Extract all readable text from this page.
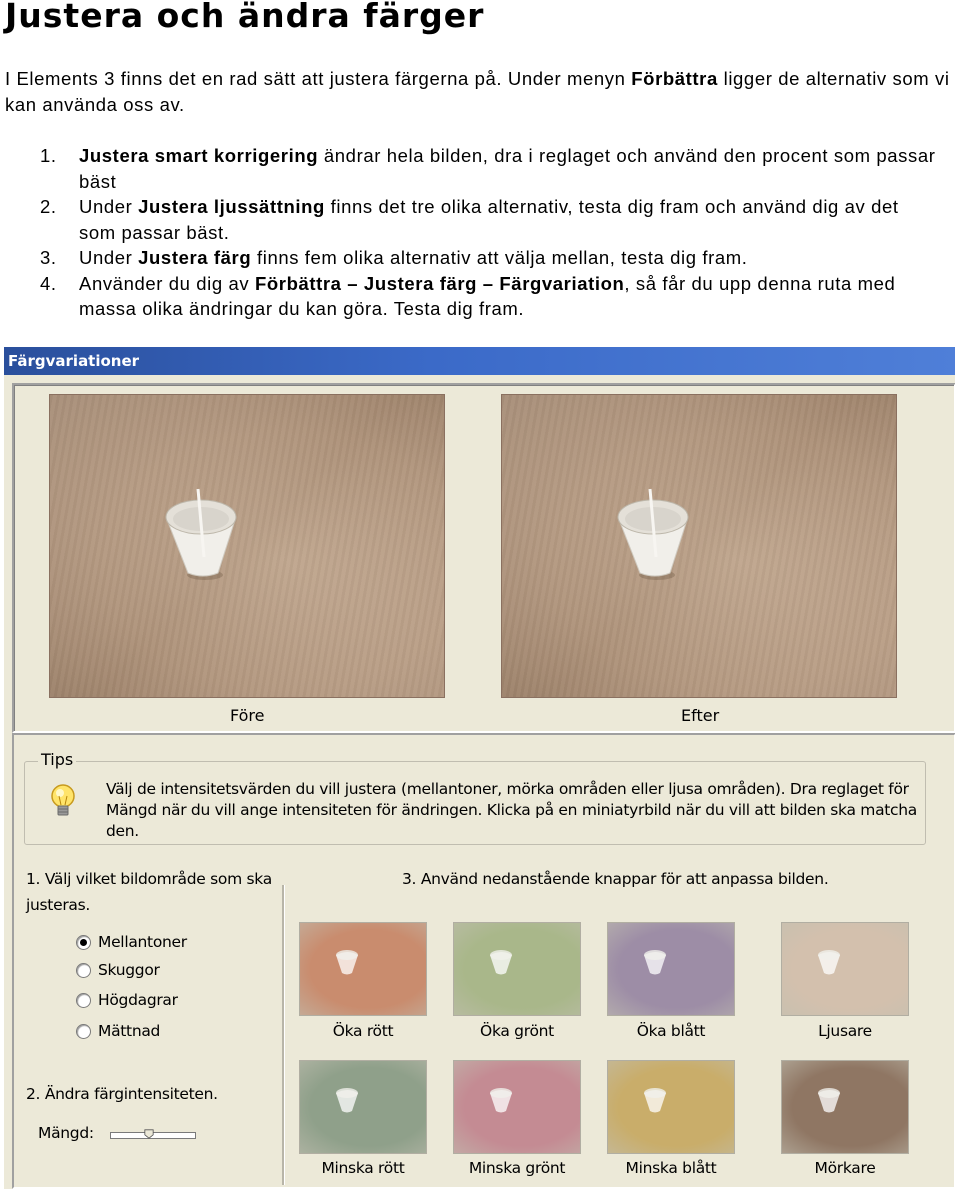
Justera och ändra färger
I Elements 3 finns det en rad sätt att justera färgerna på. Under menyn Förbättra ligger de alternativ som vi kan använda oss av.
1. Justera smart korrigering ändrar hela bilden, dra i reglaget och använd den procent som passar bäst
2. Under Justera ljussättning finns det tre olika alternativ, testa dig fram och använd dig av det som passar bäst.
3. Under Justera färg finns fem olika alternativ att välja mellan, testa dig fram.
4. Använder du dig av Förbättra – Justera färg – Färgvariation, så får du upp denna ruta med massa olika ändringar du kan göra. Testa dig fram.
Färgvariationer
Före	Efter
Tips
Välj de intensitetsvärden du vill justera (mellantoner, mörka områden eller ljusa områden). Dra reglaget för Mängd när du vill ange intensiteten för ändringen. Klicka på en miniatyrbild när du vill att bilden ska matcha den.
1. Välj vilket bildområde som ska
justeras.
3. Använd nedanstående knappar för att anpassa bilden.
Mellantoner
Skuggor
Högdagrar
Mättnad
2. Ändra färgintensiteten.
Mängd:
Öka rött	Öka grönt	Öka blått	Ljusare
Minska rött	Minska grönt	Minska blått	Mörkare
